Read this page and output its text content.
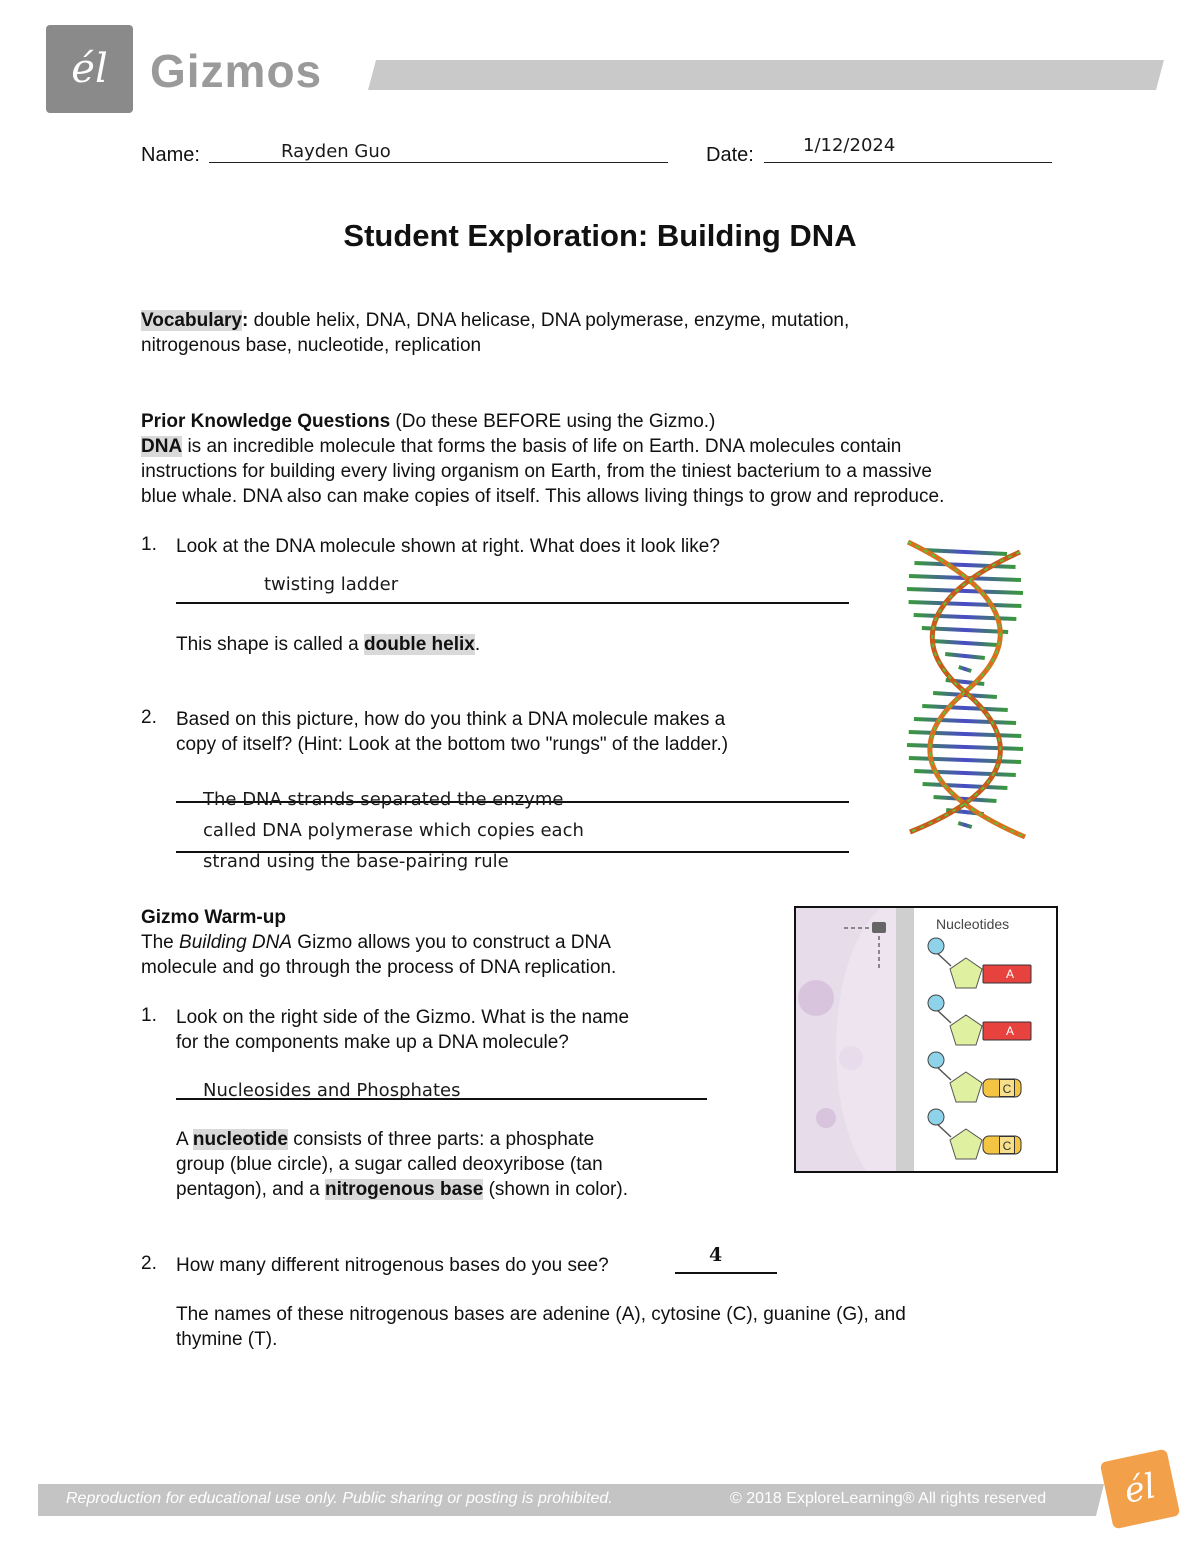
él Gizmos
Name:	Rayden Guo	Date:	1/12/2024
Student Exploration: Building DNA
Vocabulary: double helix, DNA, DNA helicase, DNA polymerase, enzyme, mutation,
nitrogenous base, nucleotide, replication
Prior Knowledge Questions (Do these BEFORE using the Gizmo.)
DNA is an incredible molecule that forms the basis of life on Earth. DNA molecules contain
instructions for building every living organism on Earth, from the tiniest bacterium to a massive
blue whale. DNA also can make copies of itself. This allows living things to grow and reproduce.
1. Look at the DNA molecule shown at right. What does it look like?
twisting ladder
This shape is called a double helix.
2. Based on this picture, how do you think a DNA molecule makes a
copy of itself? (Hint: Look at the bottom two "rungs" of the ladder.)
The DNA strands separated the enzyme
called DNA polymerase which copies each
strand using the base-pairing rule
Gizmo Warm-up
The Building DNA Gizmo allows you to construct a DNA
molecule and go through the process of DNA replication.
1. Look on the right side of the Gizmo. What is the name
for the components make up a DNA molecule?
Nucleosides and Phosphates
A nucleotide consists of three parts: a phosphate
group (blue circle), a sugar called deoxyribose (tan
pentagon), and a nitrogenous base (shown in color).
Nucleotides
A
A
C
C
2. How many different nitrogenous bases do you see?	4
The names of these nitrogenous bases are adenine (A), cytosine (C), guanine (G), and
thymine (T).
Reproduction for educational use only. Public sharing or posting is prohibited.	© 2018 ExploreLearning® All rights reserved él
